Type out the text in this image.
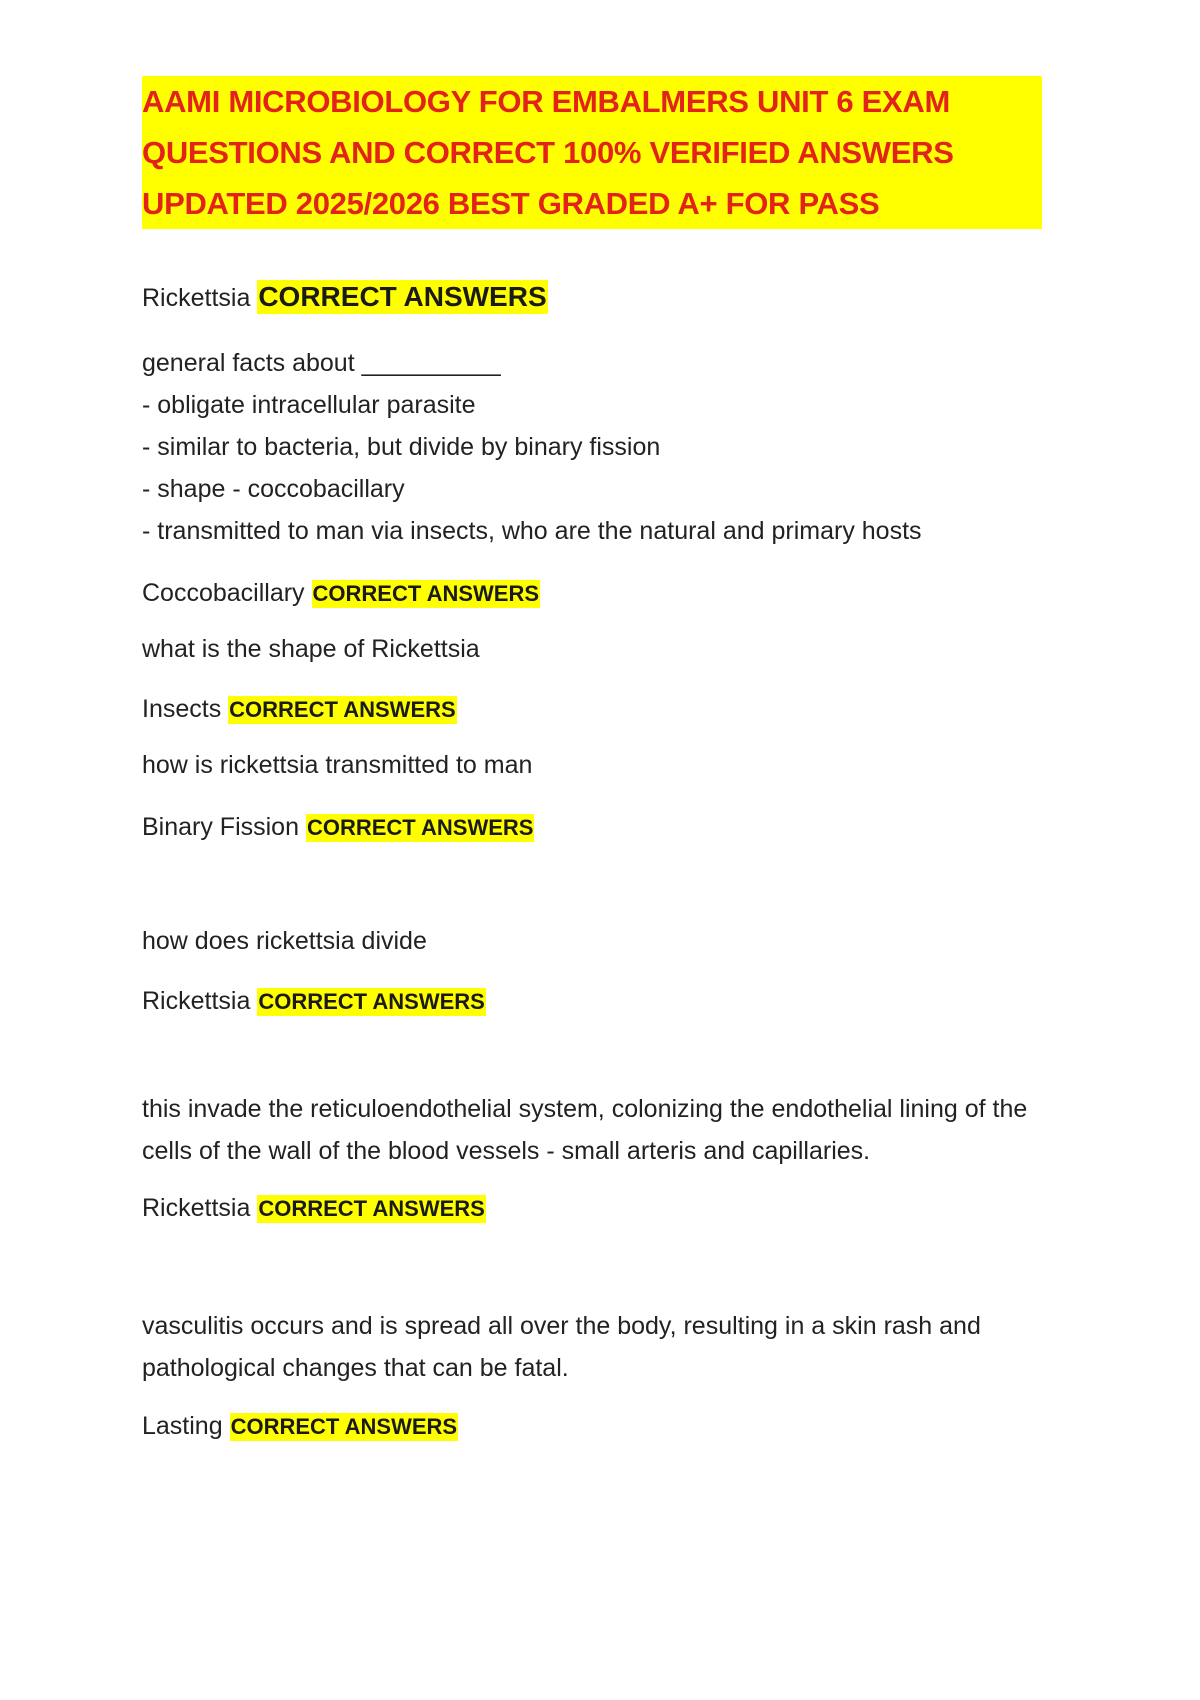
AAMI MICROBIOLOGY FOR EMBALMERS UNIT 6 EXAM
QUESTIONS AND CORRECT 100% VERIFIED ANSWERS
UPDATED 2025/2026 BEST GRADED A+ FOR PASS
Rickettsia CORRECT ANSWERS
general facts about __________
- obligate intracellular parasite
- similar to bacteria, but divide by binary fission
- shape - coccobacillary
- transmitted to man via insects, who are the natural and primary hosts
Coccobacillary CORRECT ANSWERS
what is the shape of Rickettsia
Insects CORRECT ANSWERS
how is rickettsia transmitted to man
Binary Fission CORRECT ANSWERS
how does rickettsia divide
Rickettsia CORRECT ANSWERS
this invade the reticuloendothelial system, colonizing the endothelial lining of the
cells of the wall of the blood vessels - small arteris and capillaries.
Rickettsia CORRECT ANSWERS
vasculitis occurs and is spread all over the body, resulting in a skin rash and
pathological changes that can be fatal.
Lasting CORRECT ANSWERS
